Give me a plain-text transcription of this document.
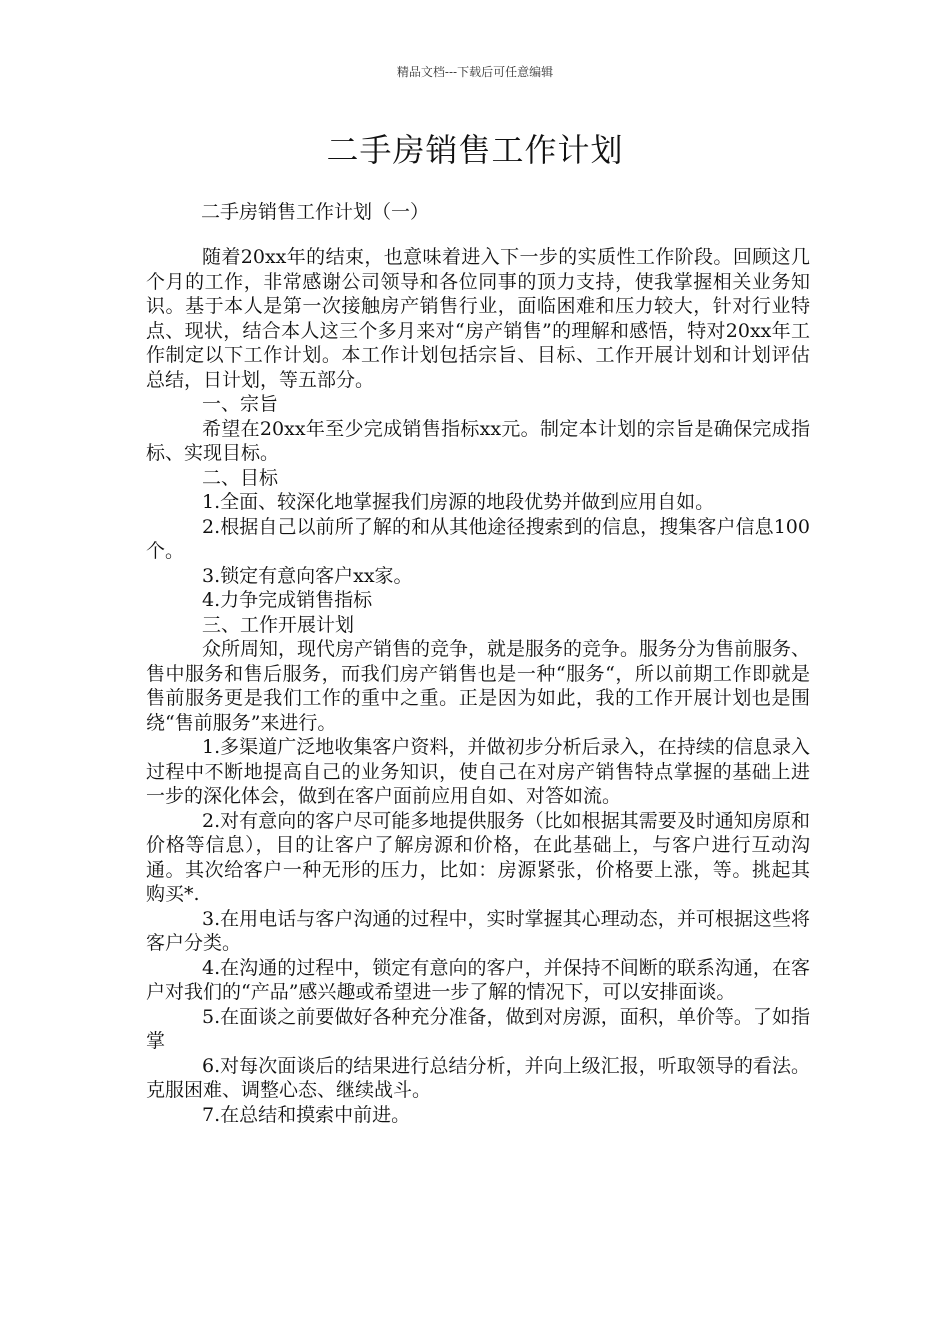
精品文档---下载后可任意编辑
二手房销售工作计划
二手房销售工作计划（一）

随着20xx年的结束，也意味着进入下一步的实质性工作阶段。回顾这几个月的工作，非常感谢公司领导和各位同事的顶力支持，使我掌握相关业务知识。基于本人是第一次接触房产销售行业，面临困难和压力较大，针对行业特点、现状，结合本人这三个多月来对“房产销售”的理解和感悟，特对20xx年工作制定以下工作计划。本工作计划包括宗旨、目标、工作开展计划和计划评估总结，日计划，等五部分。

一、宗旨

希望在20xx年至少完成销售指标xx元。制定本计划的宗旨是确保完成指标、实现目标。

二、目标

1.全面、较深化地掌握我们房源的地段优势并做到应用自如。

2.根据自己以前所了解的和从其他途径搜索到的信息，搜集客户信息100个。

3.锁定有意向客户xx家。

4.力争完成销售指标

三、工作开展计划

众所周知，现代房产销售的竞争，就是服务的竞争。服务分为售前服务、售中服务和售后服务，而我们房产销售也是一种“服务“，所以前期工作即就是售前服务更是我们工作的重中之重。正是因为如此，我的工作开展计划也是围绕“售前服务”来进行。

1.多渠道广泛地收集客户资料，并做初步分析后录入，在持续的信息录入过程中不断地提高自己的业务知识，使自己在对房产销售特点掌握的基础上进一步的深化体会，做到在客户面前应用自如、对答如流。

2.对有意向的客户尽可能多地提供服务（比如根据其需要及时通知房原和价格等信息），目的让客户了解房源和价格，在此基础上，与客户进行互动沟通。其次给客户一种无形的压力，比如：房源紧张，价格要上涨，等。挑起其购买*.

3.在用电话与客户沟通的过程中，实时掌握其心理动态，并可根据这些将客户分类。

4.在沟通的过程中，锁定有意向的客户，并保持不间断的联系沟通，在客户对我们的“产品”感兴趣或希望进一步了解的情况下，可以安排面谈。

5.在面谈之前要做好各种充分准备，做到对房源，面积，单价等。了如指掌

6.对每次面谈后的结果进行总结分析，并向上级汇报，听取领导的看法。克服困难、调整心态、继续战斗。

7.在总结和摸索中前进。
